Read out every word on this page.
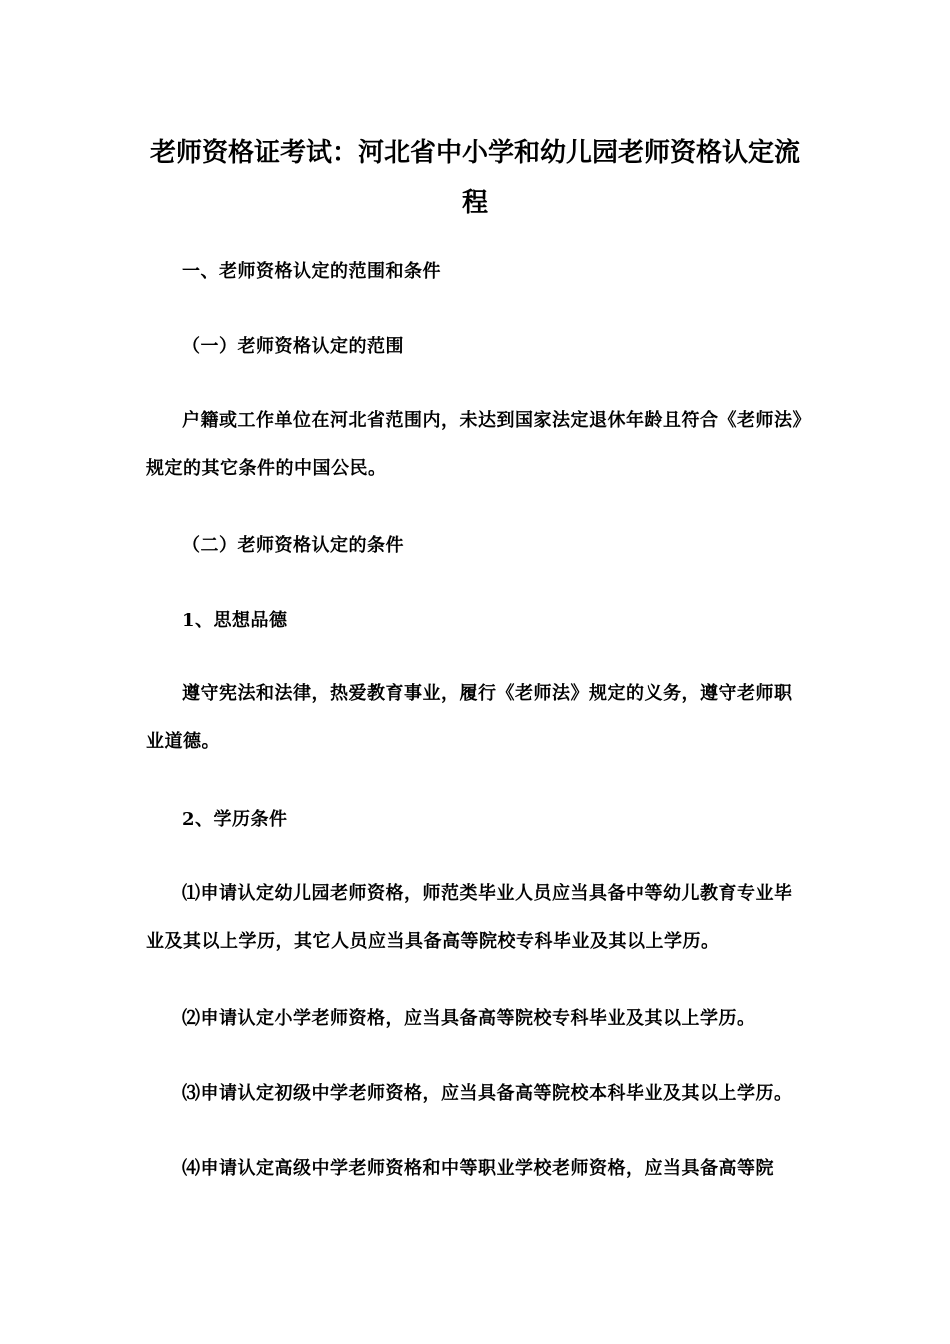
老师资格证考试：河北省中小学和幼儿园老师资格认定流
程

一、老师资格认定的范围和条件

（一）老师资格认定的范围

户籍或工作单位在河北省范围内，未达到国家法定退休年龄且符合《老师法》规定的其它条件的中国公民。

（二）老师资格认定的条件

1、思想品德

遵守宪法和法律，热爱教育事业，履行《老师法》规定的义务，遵守老师职业道德。

2、学历条件

⑴申请认定幼儿园老师资格，师范类毕业人员应当具备中等幼儿教育专业毕业及其以上学历，其它人员应当具备高等院校专科毕业及其以上学历。

⑵申请认定小学老师资格，应当具备高等院校专科毕业及其以上学历。

⑶申请认定初级中学老师资格，应当具备高等院校本科毕业及其以上学历。

⑷申请认定高级中学老师资格和中等职业学校老师资格，应当具备高等院
